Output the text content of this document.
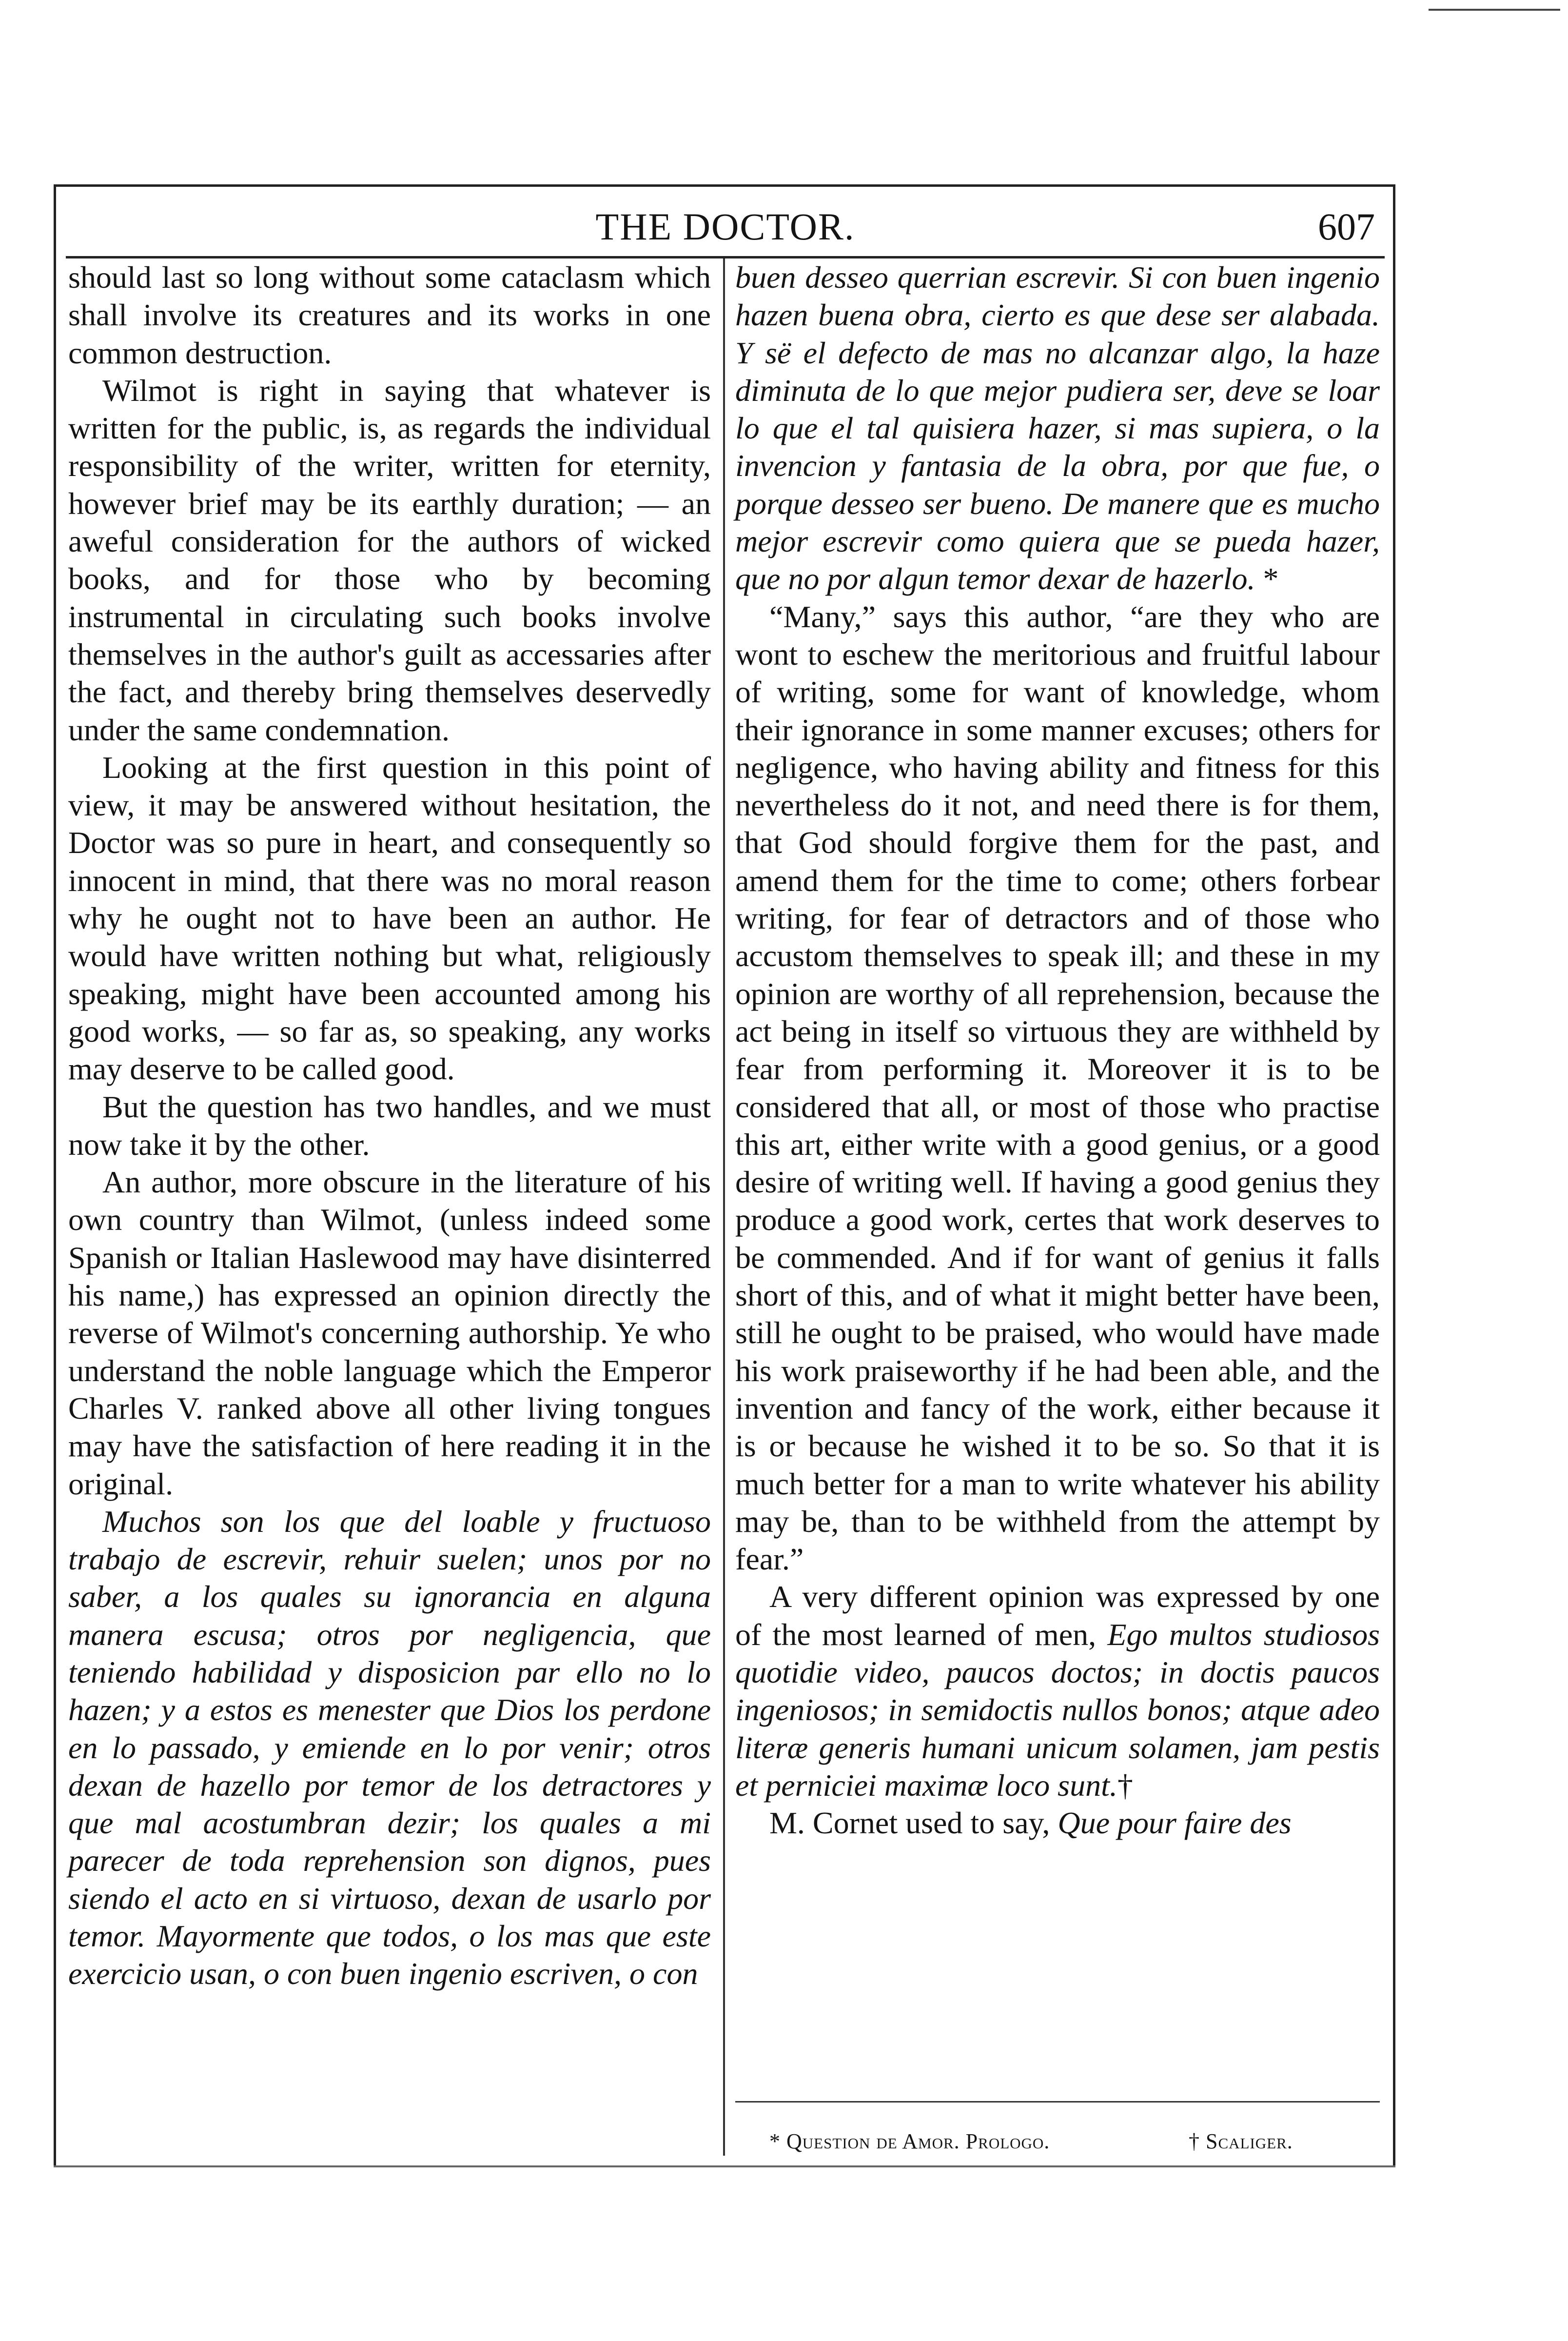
THE DOCTOR.	607

should last so long without some cataclasm which shall involve its creatures and its works in one common destruction.

Wilmot is right in saying that whatever is written for the public, is, as regards the individual responsibility of the writer, written for eternity, however brief may be its earthly duration; — an aweful consideration for the authors of wicked books, and for those who by becoming instrumental in circulating such books involve themselves in the author's guilt as accessaries after the fact, and thereby bring themselves deservedly under the same condemnation.

Looking at the first question in this point of view, it may be answered without hesitation, the Doctor was so pure in heart, and consequently so innocent in mind, that there was no moral reason why he ought not to have been an author. He would have written nothing but what, religiously speaking, might have been accounted among his good works, — so far as, so speaking, any works may deserve to be called good.

But the question has two handles, and we must now take it by the other.

An author, more obscure in the literature of his own country than Wilmot, (unless indeed some Spanish or Italian Haslewood may have disinterred his name,) has expressed an opinion directly the reverse of Wilmot's concerning authorship. Ye who understand the noble language which the Emperor Charles V. ranked above all other living tongues may have the satisfaction of here reading it in the original.

Muchos son los que del loable y fructuoso trabajo de escrevir, rehuir suelen; unos por no saber, a los quales su ignorancia en alguna manera escusa; otros por negligencia, que teniendo habilidad y disposicion par ello no lo hazen; y a estos es menester que Dios los perdone en lo passado, y emiende en lo por venir; otros dexan de hazello por temor de los detractores y que mal acostumbran dezir; los quales a mi parecer de toda reprehension son dignos, pues siendo el acto en si virtuoso, dexan de usarlo por temor. Mayormente que todos, o los mas que este exercicio usan, o con buen ingenio escriven, o con

buen desseo querrian escrevir. Si con buen ingenio hazen buena obra, cierto es que dese ser alabada. Y së el defecto de mas no alcanzar algo, la haze diminuta de lo que mejor pudiera ser, deve se loar lo que el tal quisiera hazer, si mas supiera, o la invencion y fantasia de la obra, por que fue, o porque desseo ser bueno. De manere que es mucho mejor escrevir como quiera que se pueda hazer, que no por algun temor dexar de hazerlo. *

“Many,” says this author, “are they who are wont to eschew the meritorious and fruitful labour of writing, some for want of knowledge, whom their ignorance in some manner excuses; others for negligence, who having ability and fitness for this nevertheless do it not, and need there is for them, that God should forgive them for the past, and amend them for the time to come; others forbear writing, for fear of detractors and of those who accustom themselves to speak ill; and these in my opinion are worthy of all reprehension, because the act being in itself so virtuous they are withheld by fear from performing it. Moreover it is to be considered that all, or most of those who practise this art, either write with a good genius, or a good desire of writing well. If having a good genius they produce a good work, certes that work deserves to be commended. And if for want of genius it falls short of this, and of what it might better have been, still he ought to be praised, who would have made his work praiseworthy if he had been able, and the invention and fancy of the work, either because it is or because he wished it to be so. So that it is much better for a man to write whatever his ability may be, than to be withheld from the attempt by fear.”

A very different opinion was expressed by one of the most learned of men, Ego multos studiosos quotidie video, paucos doctos; in doctis paucos ingeniosos; in semidoctis nullos bonos; atque adeo literæ generis humani unicum solamen, jam pestis et perniciei maximæ loco sunt.†

M. Cornet used to say, Que pour faire des

* Question de Amor. Prologo.	† Scaliger.
